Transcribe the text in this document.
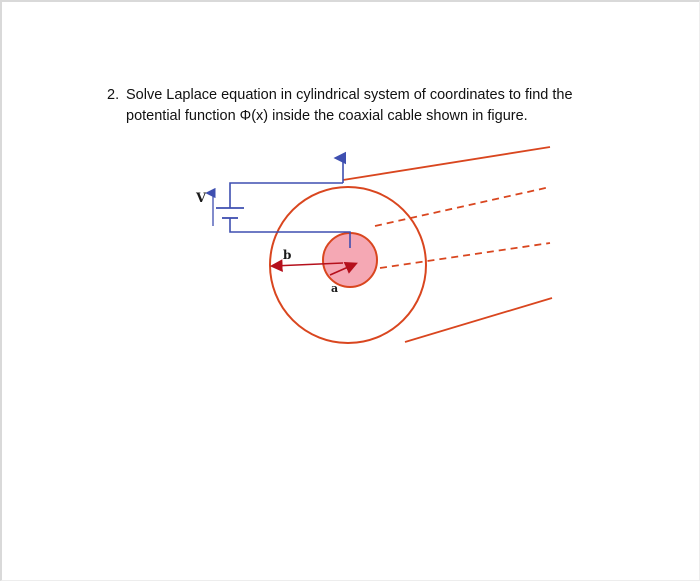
2. Solve Laplace equation in cylindrical system of coordinates to find the
potential function Φ(x) inside the coaxial cable shown in figure.
V
b
a
